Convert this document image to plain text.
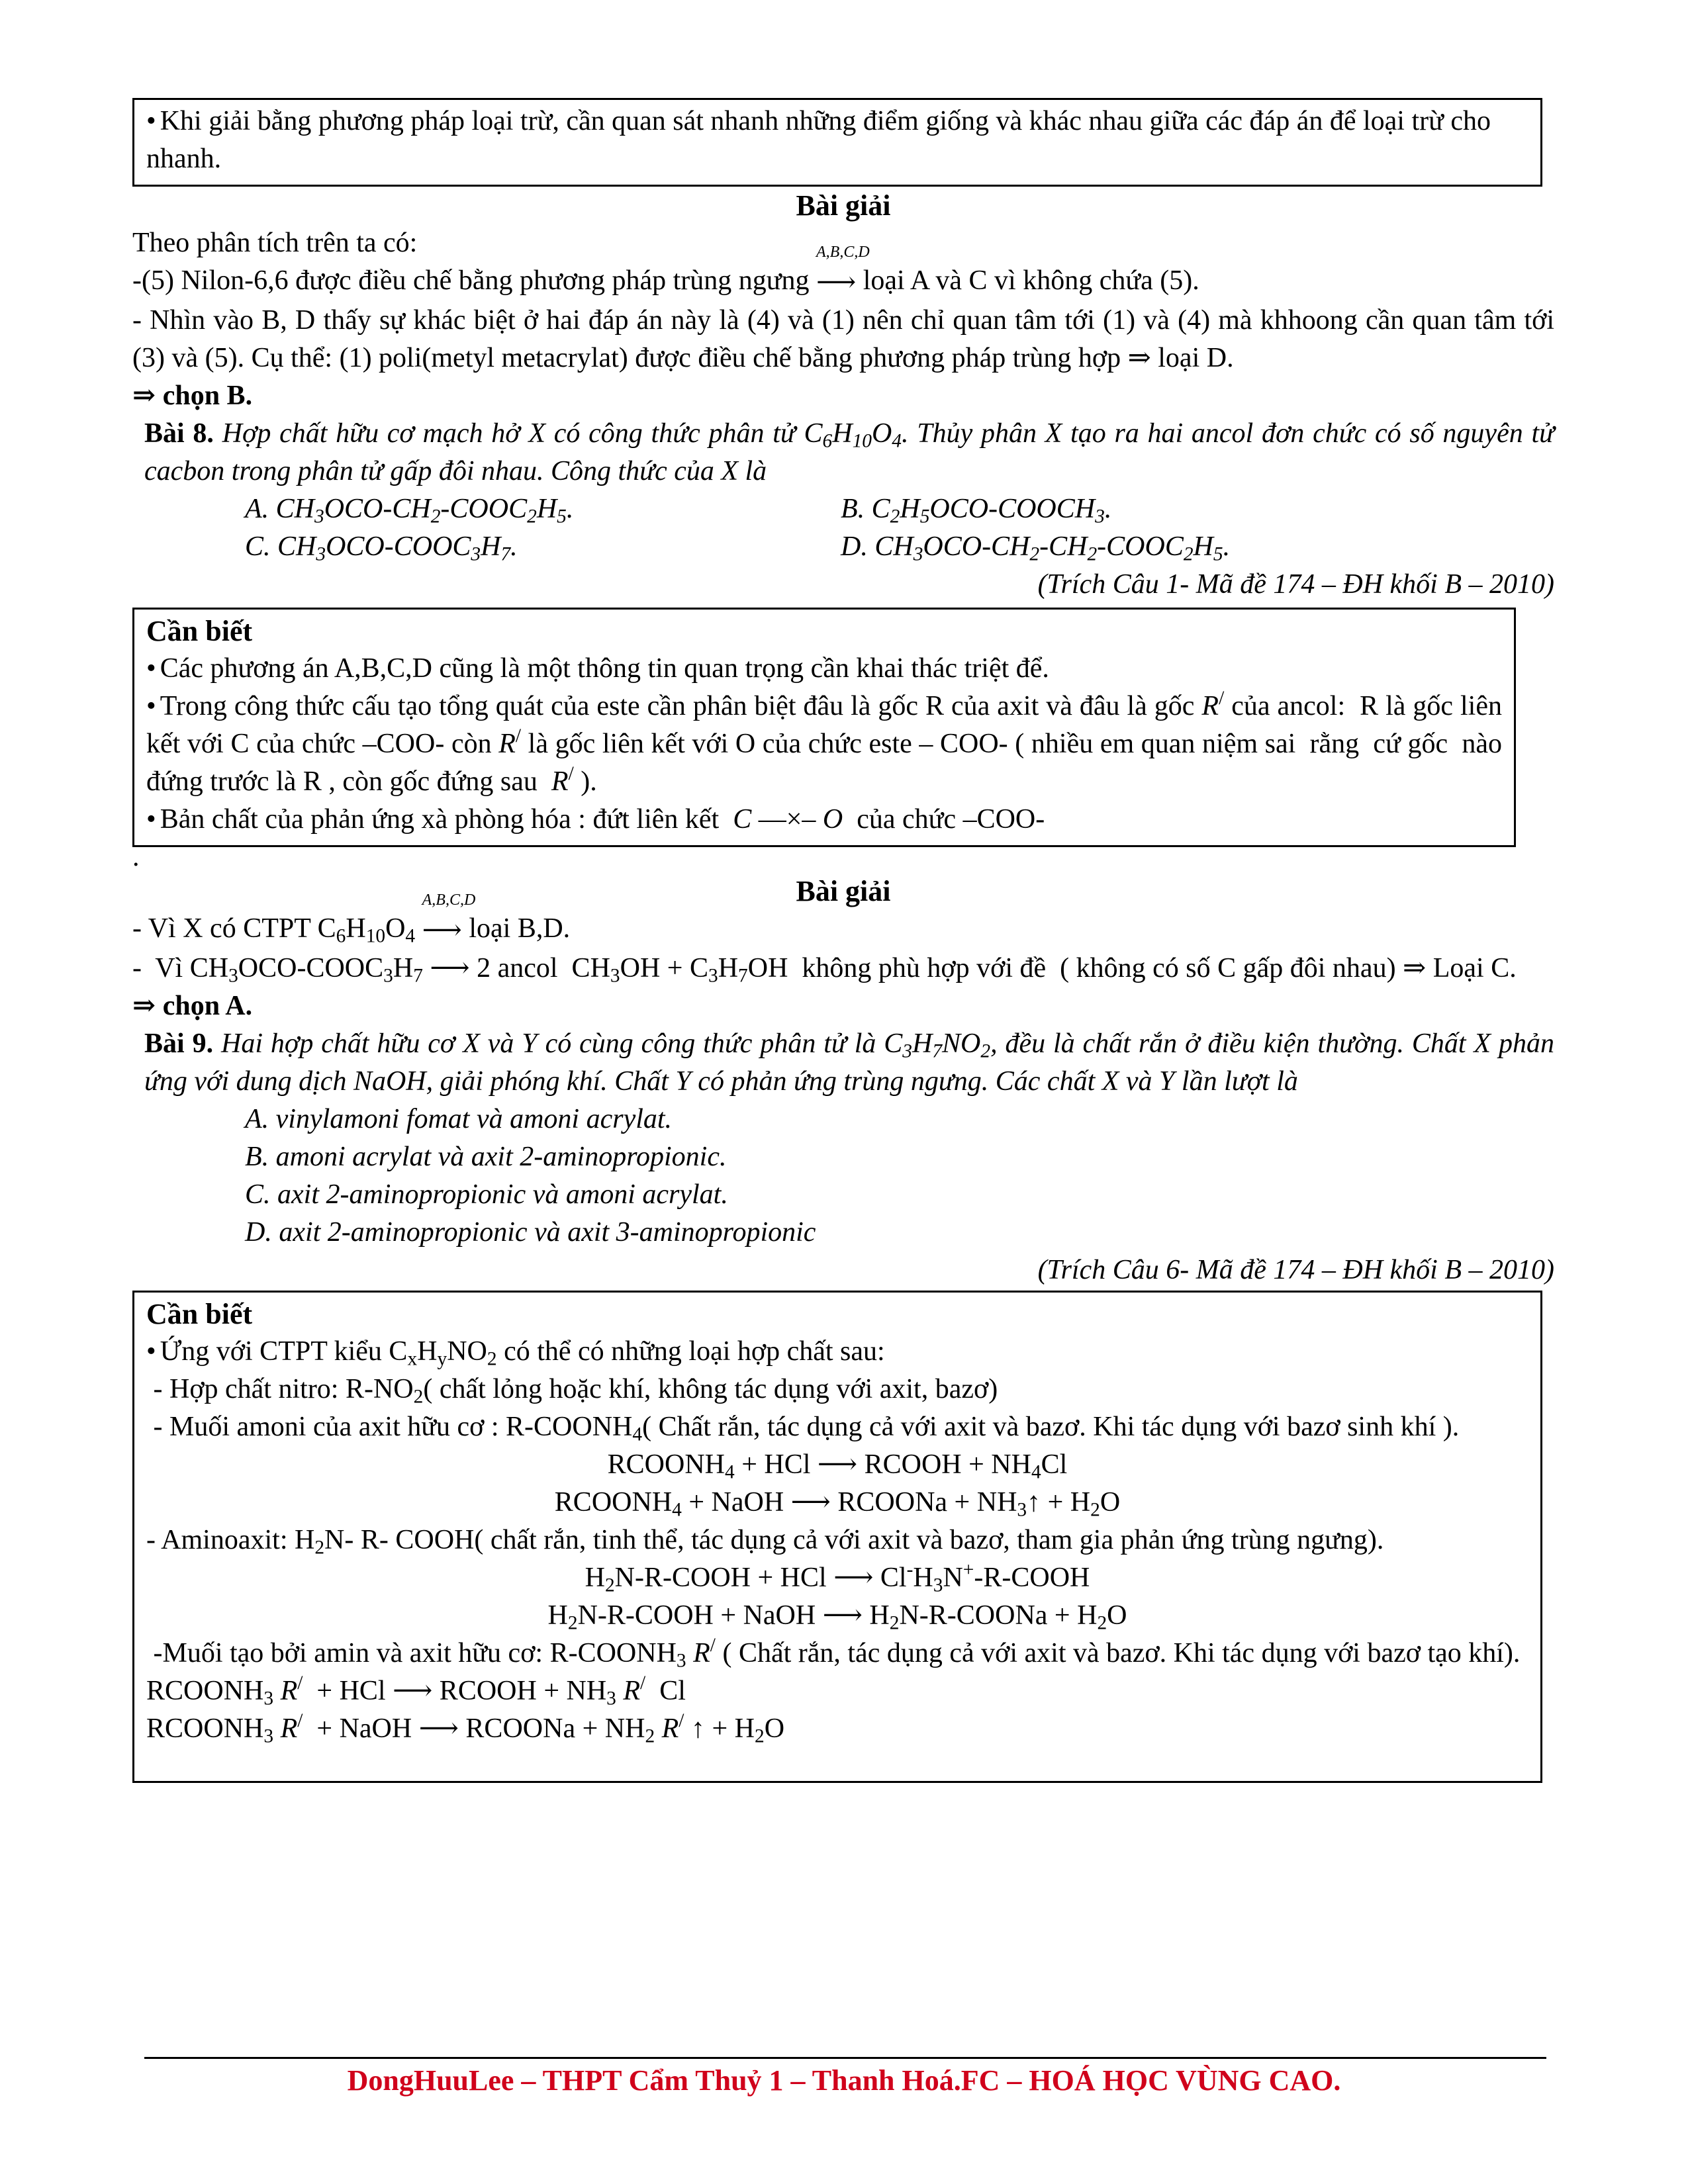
• Khi giải bằng phương pháp loại trừ, cần quan sát nhanh những điểm giống và khác nhau giữa các đáp án để loại trừ cho nhanh.
Bài giải
Theo phân tích trên ta có:
-(5) Nilon-6,6 được điều chế bằng phương pháp trùng ngưng
A,B,C,D
⟶ loại A và C vì không chứa (5).
- Nhìn vào B, D thấy sự khác biệt ở hai đáp án này là (4) và (1) nên chỉ quan tâm tới (1) và (4) mà khhoong cần quan tâm tới (3) và (5). Cụ thể: (1) poli(metyl metacrylat) được điều chế bằng phương pháp trùng hợp ⇒ loại D.
⇒ chọn B.
Bài 8. Hợp chất hữu cơ mạch hở X có công thức phân tử $C_6H_{10}O_4$. Thủy phân X tạo ra hai ancol đơn chức có số nguyên tử cacbon trong phân tử gấp đôi nhau. Công thức của X là
A. $CH_3OCO-CH_2-COOC_2H_5$.	B. $C_2H_5OCO-COOCH_3$.
C. $CH_3OCO-COOC_3H_7$.	D. $CH_3OCO-CH_2-CH_2-COOC_2H_5$.
(Trích Câu 1- Mã đề 174 – ĐH khối B – 2010)
Cần biết
• Các phương án A,B,C,D cũng là một thông tin quan trọng cần khai thác triệt để.
• Trong công thức cấu tạo tổng quát của este cần phân biệt đâu là gốc R của axit và đâu là gốc R/ của ancol:  R là gốc liên kết với C của chức –COO- còn R/ là gốc liên kết với O của chức este – COO- ( nhiều em quan niệm sai  rằng  cứ gốc  nào đứng trước là R , còn gốc đứng sau  R/ ).
• Bản chất của phản ứng xà phòng hóa : đứt liên kết  C —×– O  của chức –COO-
.
Bài giải
- Vì X có CTPT $C_6H_{10}O_4$
A,B,C,D
⟶ loại B,D.
-  Vì $CH_3OCO-COOC_3H_7$ ⟶ 2 ancol  $CH_3OH + C_3H_7OH$  không phù hợp với đề  ( không có số C gấp đôi nhau) ⇒ Loại C.
⇒ chọn A.
Bài 9. Hai hợp chất hữu cơ X và Y có cùng công thức phân tử là $C_3H_7NO_2$, đều là chất rắn ở điều kiện thường. Chất X phản ứng với dung dịch NaOH, giải phóng khí. Chất Y có phản ứng trùng ngưng. Các chất X và Y lần lượt là
A. vinylamoni fomat và amoni acrylat.
B. amoni acrylat và axit 2-aminopropionic.
C. axit 2-aminopropionic và amoni acrylat.
D. axit 2-aminopropionic và axit 3-aminopropionic
(Trích Câu 6- Mã đề 174 – ĐH khối B – 2010)
Cần biết
• Ứng với CTPT kiểu $C_xH_yNO_2$ có thể có những loại hợp chất sau:
- Hợp chất nitro: $R-NO_2$( chất lỏng hoặc khí, không tác dụng với axit, bazơ)
- Muối amoni của axit hữu cơ : $R-COONH_4$( Chất rắn, tác dụng cả với axit và bazơ. Khi tác dụng với bazơ sinh khí ).
$RCOONH_4$ + HCl ⟶ RCOOH + $NH_4Cl$
$RCOONH_4$ + NaOH ⟶ RCOONa + $NH_3↑ + H_2O$
- Aminoaxit: $H_2N-$ R- COOH( chất rắn, tinh thể, tác dụng cả với axit và bazơ, tham gia phản ứng trùng ngưng).
$H_2N-R$-COOH + HCl ⟶ $Cl^-H_3N^+-R$-COOH
$H_2N-R$-COOH + NaOH ⟶ $H_2N-R$-COONa + $H_2O$
-Muối tạo bởi amin và axit hữu cơ: $R-COONH_3$ R/ ( Chất rắn, tác dụng cả với axit và bazơ. Khi tác dụng với bazơ tạo khí).
$RCOONH_3$ R/  + HCl ⟶ RCOOH + $NH_3$ R/  Cl
$RCOONH_3$ R/  + NaOH ⟶ RCOONa + $NH_2$ R/ ↑ + $H_2O$
DongHuuLee – THPT Cẩm Thuỷ 1 – Thanh Hoá.FC – HOÁ HỌC VÙNG CAO.
